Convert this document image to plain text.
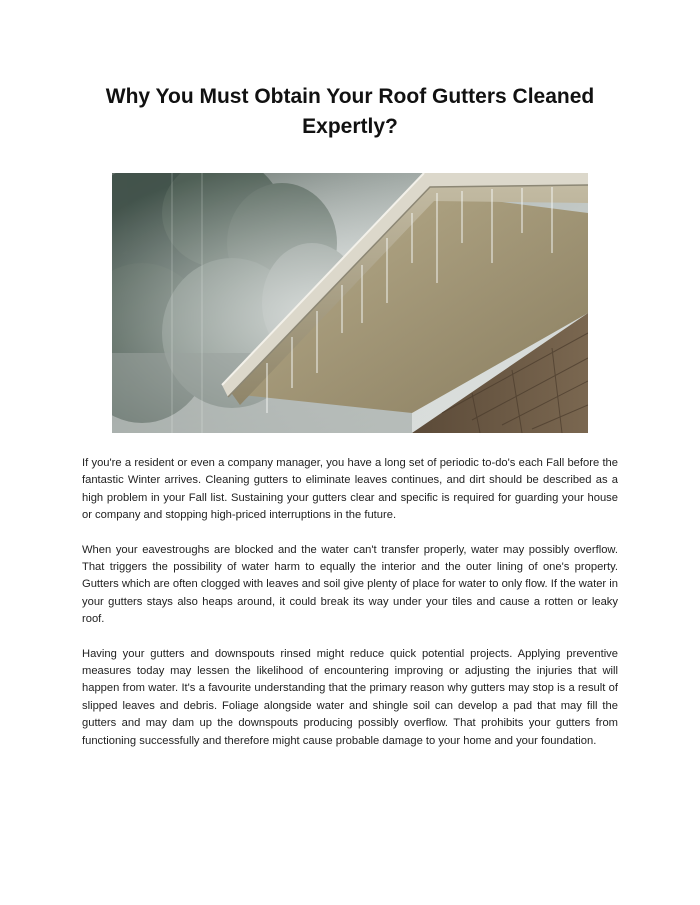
Why You Must Obtain Your Roof Gutters Cleaned Expertly?

If you're a resident or even a company manager, you have a long set of periodic to-do's each Fall before the fantastic Winter arrives. Cleaning gutters to eliminate leaves continues, and dirt should be described as a high problem in your Fall list. Sustaining your gutters clear and specific is required for guarding your house or company and stopping high-priced interruptions in the future.

When your eavestroughs are blocked and the water can't transfer properly, water may possibly overflow. That triggers the possibility of water harm to equally the interior and the outer lining of one's property. Gutters which are often clogged with leaves and soil give plenty of place for water to only flow. If the water in your gutters stays also heaps around, it could break its way under your tiles and cause a rotten or leaky roof.

Having your gutters and downspouts rinsed might reduce quick potential projects. Applying preventive measures today may lessen the likelihood of encountering improving or adjusting the injuries that will happen from water. It's a favourite understanding that the primary reason why gutters may stop is a result of slipped leaves and debris. Foliage alongside water and shingle soil can develop a pad that may fill the gutters and may dam up the downspouts producing possibly overflow. That prohibits your gutters from functioning successfully and therefore might cause probable damage to your home and your foundation.
